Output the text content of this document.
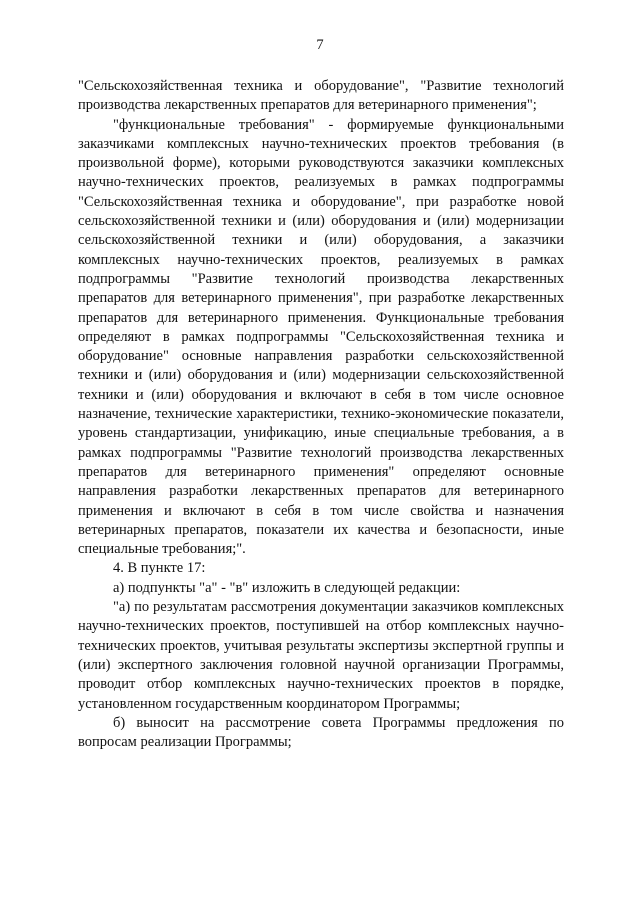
7

"Сельскохозяйственная техника и оборудование", "Развитие технологий производства лекарственных препаратов для ветеринарного применения";

"функциональные требования" - формируемые функциональными заказчиками комплексных научно-технических проектов требования (в произвольной форме), которыми руководствуются заказчики комплексных научно-технических проектов, реализуемых в рамках подпрограммы "Сельскохозяйственная техника и оборудование", при разработке новой сельскохозяйственной техники и (или) оборудования и (или) модернизации сельскохозяйственной техники и (или) оборудования, а заказчики комплексных научно-технических проектов, реализуемых в рамках подпрограммы "Развитие технологий производства лекарственных препаратов для ветеринарного применения", при разработке лекарственных препаратов для ветеринарного применения. Функциональные требования определяют в рамках подпрограммы "Сельскохозяйственная техника и оборудование" основные направления разработки сельскохозяйственной техники и (или) оборудования и (или) модернизации сельскохозяйственной техники и (или) оборудования и включают в себя в том числе основное назначение, технические характеристики, технико-экономические показатели, уровень стандартизации, унификацию, иные специальные требования, а в рамках подпрограммы "Развитие технологий производства лекарственных препаратов для ветеринарного применения" определяют основные направления разработки лекарственных препаратов для ветеринарного применения и включают в себя в том числе свойства и назначения ветеринарных препаратов, показатели их качества и безопасности, иные специальные требования;".

4. В пункте 17:

а) подпункты "а" - "в" изложить в следующей редакции:

"а) по результатам рассмотрения документации заказчиков комплексных научно-технических проектов, поступившей на отбор комплексных научно-технических проектов, учитывая результаты экспертизы экспертной группы и (или) экспертного заключения головной научной организации Программы, проводит отбор комплексных научно-технических проектов в порядке, установленном государственным координатором Программы;

б) выносит на рассмотрение совета Программы предложения по вопросам реализации Программы;
